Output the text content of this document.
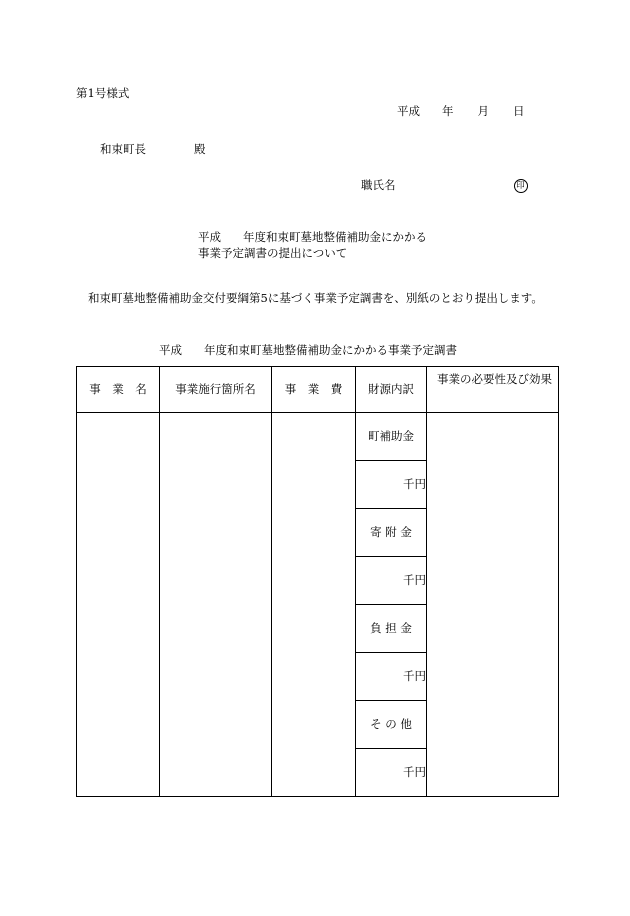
第1号様式
平成 年 月 日
和束町長	殿
職氏名	印
平成 年度和束町墓地整備補助金にかかる
事業予定調書の提出について
和束町墓地整備補助金交付要綱第5に基づく事業予定調書を、別紙のとおり提出します。
平成 年度和束町墓地整備補助金にかかる事業予定調書
事　業　名	事業施行箇所名	事　業　費	財源内訳	事業の必要性及び効果
			町補助金	
			千円	
			寄 附 金	
			千円	
			負 担 金	
			千円	
			そ の 他	
			千円	
